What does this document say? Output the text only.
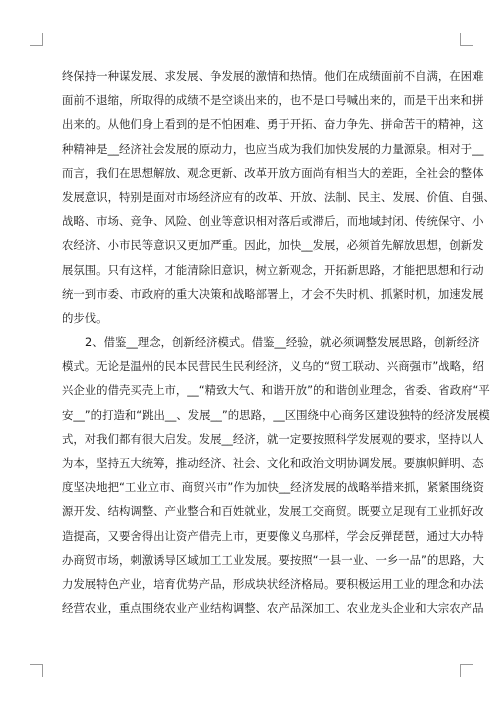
终保持一种谋发展、求发展、争发展的激情和热情。他们在成绩面前不自满，在困难
面前不退缩，所取得的成绩不是空谈出来的，也不是口号喊出来的，而是干出来和拼
出来的。从他们身上看到的是不怕困难、勇于开拓、奋力争先、拼命苦干的精神，这
种精神是__经济社会发展的原动力，也应当成为我们加快发展的力量源泉。相对于__
而言，我们在思想解放、观念更新、改革开放方面尚有相当大的差距，全社会的整体
发展意识，特别是面对市场经济应有的改革、开放、法制、民主、发展、价值、自强、
战略、市场、竞争、风险、创业等意识相对落后或滞后，而地域封闭、传统保守、小
农经济、小市民等意识又更加严重。因此，加快__发展，必须首先解放思想，创新发
展氛围。只有这样，才能清除旧意识，树立新观念，开拓新思路，才能把思想和行动
统一到市委、市政府的重大决策和战略部署上，才会不失时机、抓紧时机，加速发展
的步伐。
2、借鉴__理念，创新经济模式。借鉴__经验，就必须调整发展思路，创新经济
模式。无论是温州的民本民营民生民利经济，义乌的“贸工联动、兴商强市”战略，绍
兴企业的借壳买壳上市，__“精致大气、和谐开放”的和谐创业理念，省委、省政府“平
安__”的打造和“跳出__、发展__”的思路，__区围绕中心商务区建设独特的经济发展模
式，对我们都有很大启发。发展__经济，就一定要按照科学发展观的要求，坚持以人
为本，坚持五大统筹，推动经济、社会、文化和政治文明协调发展。要旗帜鲜明、态
度坚决地把“工业立市、商贸兴市”作为加快__经济发展的战略举措来抓，紧紧围绕资
源开发、结构调整、产业整合和百姓就业，发展工交商贸。既要立足现有工业抓好改
造提高，又要舍得出让资产借壳上市，更要像义乌那样，学会反弹琵琶，通过大办特
办商贸市场，刺激诱导区域加工工业发展。要按照“一县一业、一乡一品”的思路，大
力发展特色产业，培育优势产品，形成块状经济格局。要积极运用工业的理念和办法
经营农业，重点围绕农业产业结构调整、农产品深加工、农业龙头企业和大宗农产品
